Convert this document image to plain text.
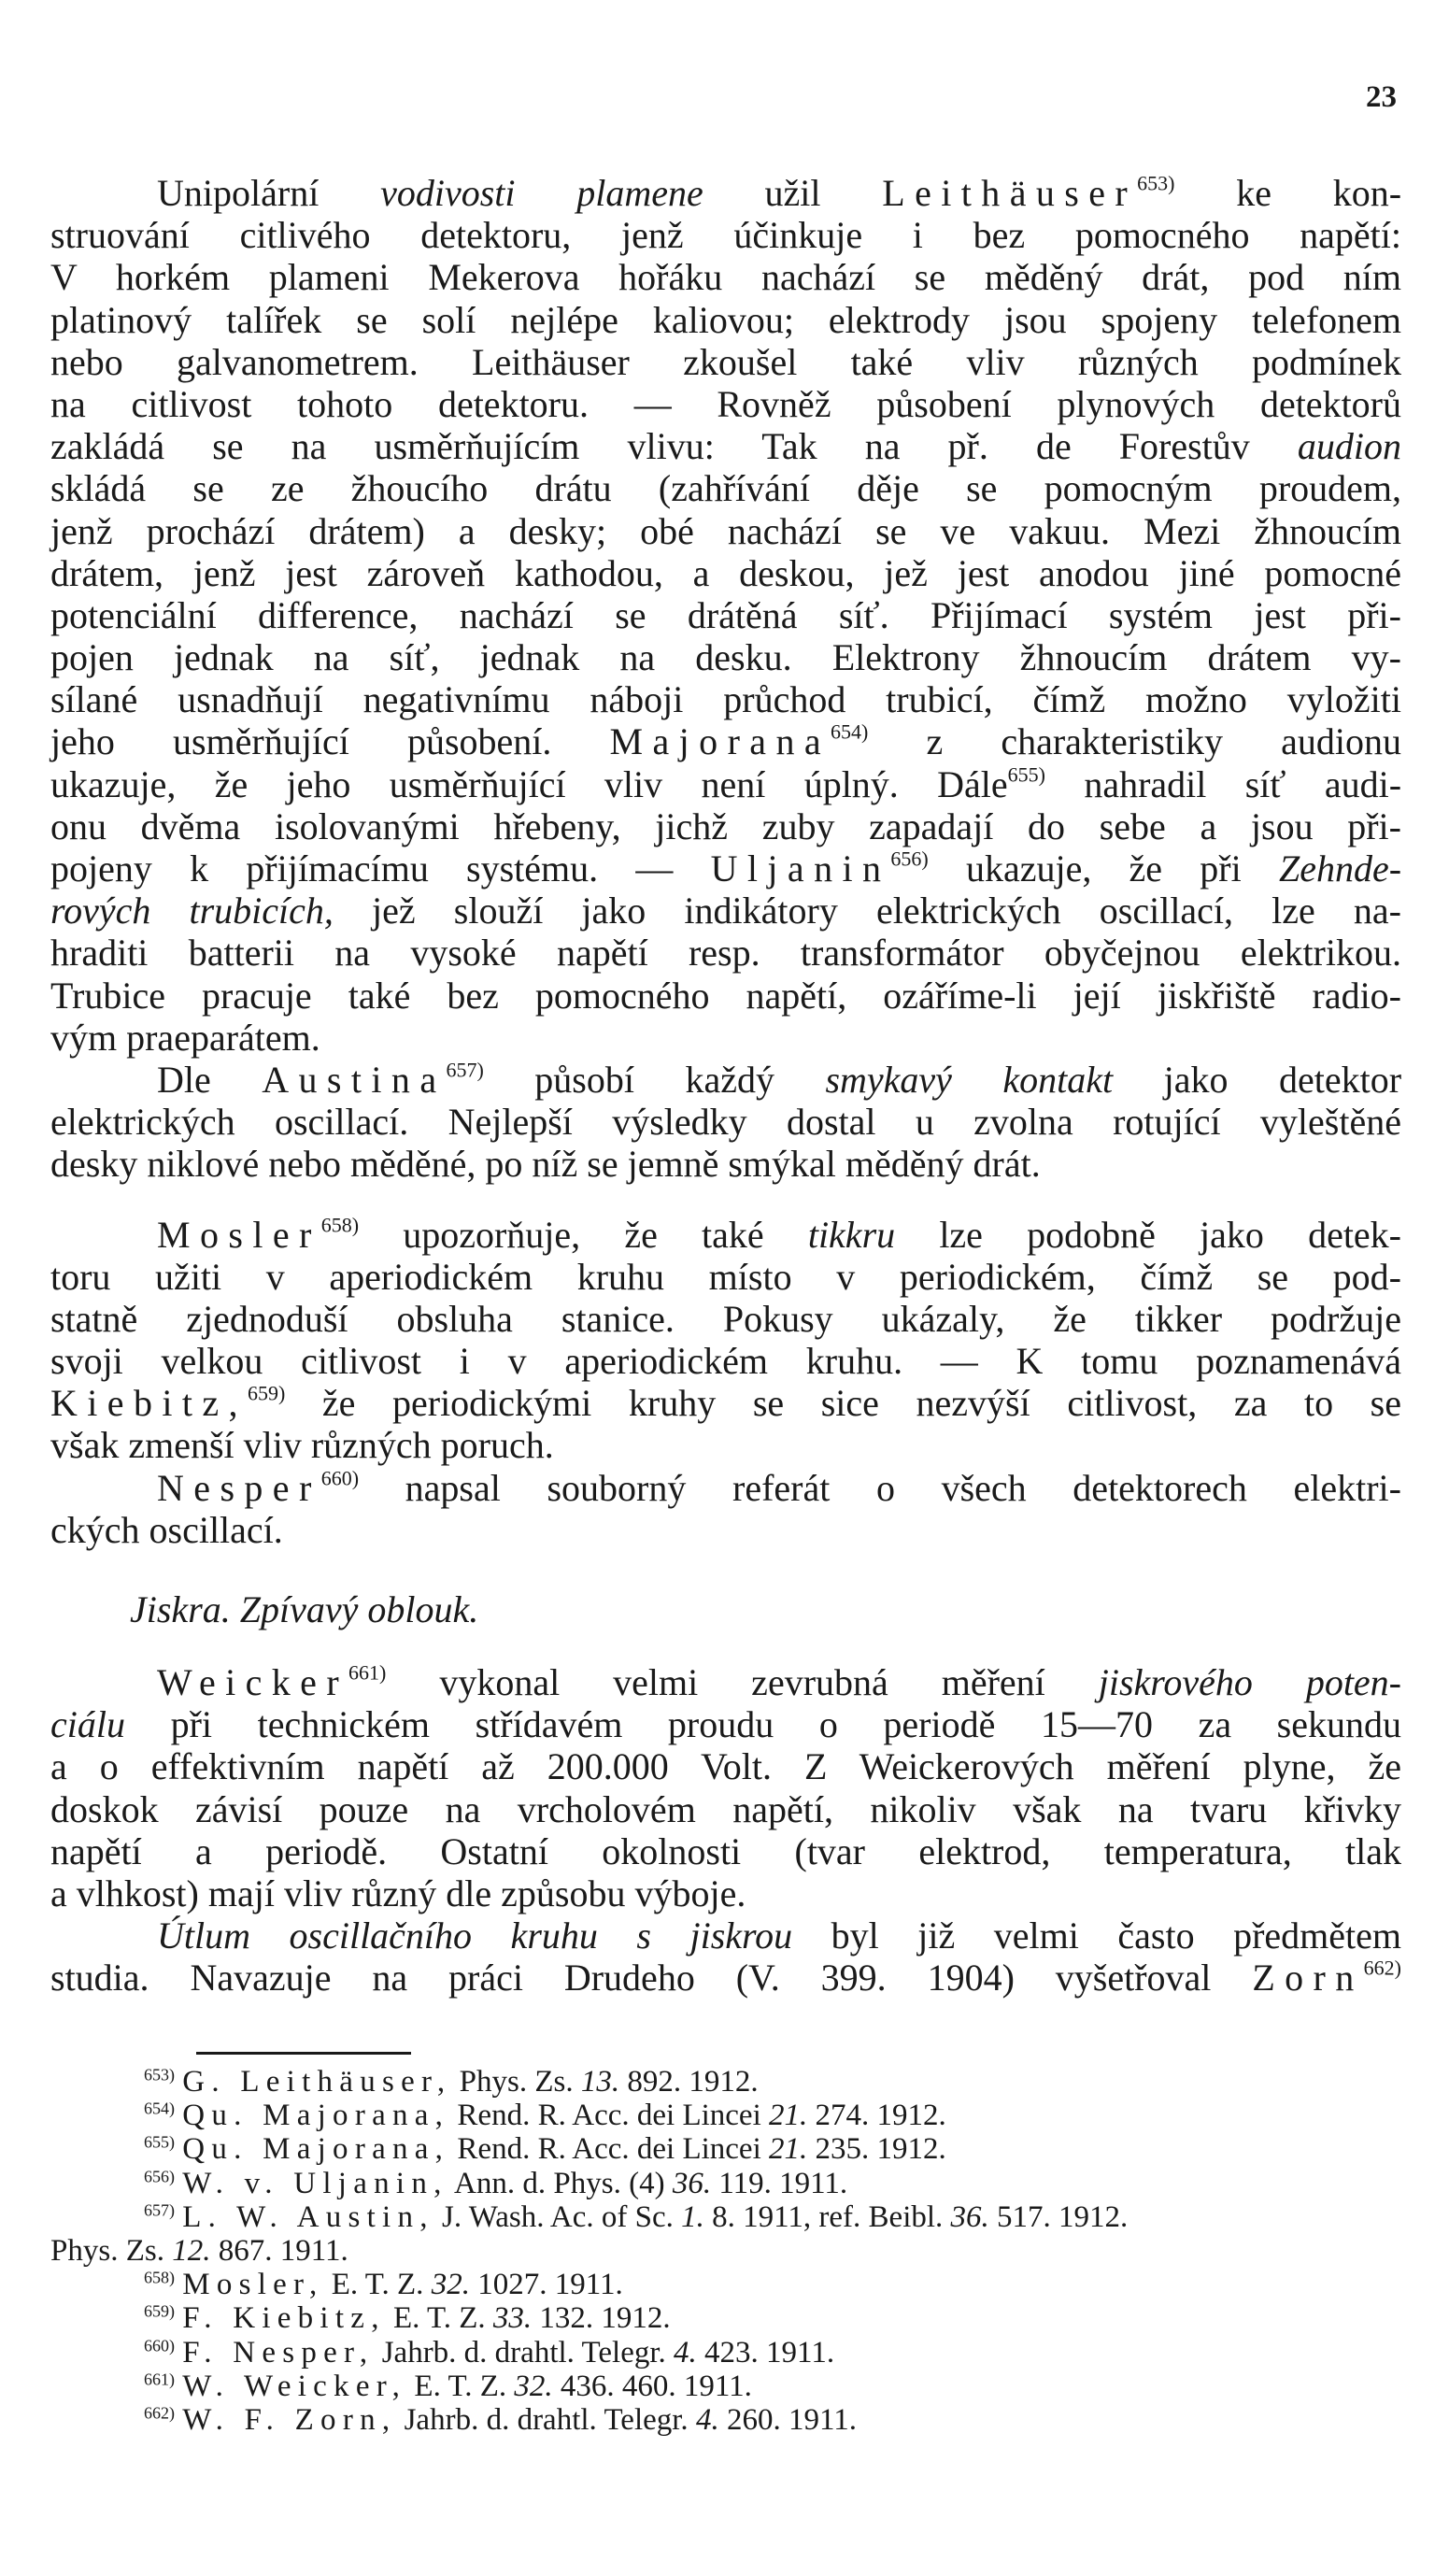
23
Unipolární vodivosti plamene užil Leithäuser$^{653)}$ ke kon-
struování citlivého detektoru, jenž účinkuje i bez pomocného napětí:
V horkém plameni Mekerova hořáku nachází se měděný drát, pod ním
platinový talířek se solí nejlépe kaliovou; elektrody jsou spojeny telefonem
nebo galvanometrem. Leithäuser zkoušel také vliv různých podmínek
na citlivost tohoto detektoru. — Rovněž působení plynových detektorů
zakládá se na usměrňujícím vlivu: Tak na př. de Forestův audion
skládá se ze žhoucího drátu (zahřívání děje se pomocným proudem,
jenž prochází drátem) a desky; obé nachází se ve vakuu. Mezi žhnoucím
drátem, jenž jest zároveň kathodou, a deskou, jež jest anodou jiné pomocné
potenciální difference, nachází se drátěná síť. Přijímací systém jest při-
pojen jednak na síť, jednak na desku. Elektrony žhnoucím drátem vy-
sílané usnadňují negativnímu náboji průchod trubicí, čímž možno vyložiti
jeho usměrňující působení. Majorana$^{654)}$ z charakteristiky audionu
ukazuje, že jeho usměrňující vliv není úplný. Dále$^{655)}$ nahradil síť audi-
onu dvěma isolovanými hřebeny, jichž zuby zapadají do sebe a jsou při-
pojeny k přijímacímu systému. — Uljanin$^{656)}$ ukazuje, že při Zehnde-
rových trubicích, jež slouží jako indikátory elektrických oscillací, lze na-
hraditi batterii na vysoké napětí resp. transformátor obyčejnou elektrikou.
Trubice pracuje také bez pomocného napětí, ozáříme-li její jiskřiště radio-
vým praeparátem.
Dle Austina$^{657)}$ působí každý smykavý kontakt jako detektor
elektrických oscillací. Nejlepší výsledky dostal u zvolna rotující vyleštěné
desky niklové nebo měděné, po níž se jemně smýkal měděný drát.
Mosler$^{658)}$ upozorňuje, že také tikkru lze podobně jako detek-
toru užiti v aperiodickém kruhu místo v periodickém, čímž se pod-
statně zjednoduší obsluha stanice. Pokusy ukázaly, že tikker podržuje
svoji velkou citlivost i v aperiodickém kruhu. — K tomu poznamenává
Kiebitz,$^{659)}$ že periodickými kruhy se sice nezvýší citlivost, za to se
však zmenší vliv různých poruch.
Nesper$^{660)}$ napsal souborný referát o všech detektorech elektri-
ckých oscillací.
Jiskra. Zpívavý oblouk.
Weicker$^{661)}$ vykonal velmi zevrubná měření jiskrového poten-
ciálu při technickém střídavém proudu o periodě 15—70 za sekundu
a o effektivním napětí až 200.000 Volt. Z Weickerových měření plyne, že
doskok závisí pouze na vrcholovém napětí, nikoliv však na tvaru křivky
napětí a periodě. Ostatní okolnosti (tvar elektrod, temperatura, tlak
a vlhkost) mají vliv různý dle způsobu výboje.
Útlum oscillačního kruhu s jiskrou byl již velmi často předmětem
studia. Navazuje na práci Drudeho (V. 399. 1904) vyšetřoval Zorn$^{662)}$
$^{653)}$ G. Leithäuser, Phys. Zs. 13. 892. 1912.
$^{654)}$ Qu. Majorana, Rend. R. Acc. dei Lincei 21. 274. 1912.
$^{655)}$ Qu. Majorana, Rend. R. Acc. dei Lincei 21. 235. 1912.
$^{656)}$ W. v. Uljanin, Ann. d. Phys. (4) 36. 119. 1911.
$^{657)}$ L. W. Austin, J. Wash. Ac. of Sc. 1. 8. 1911, ref. Beibl. 36. 517. 1912.
Phys. Zs. 12. 867. 1911.
$^{658)}$ Mosler, E. T. Z. 32. 1027. 1911.
$^{659)}$ F. Kiebitz, E. T. Z. 33. 132. 1912.
$^{660)}$ F. Nesper, Jahrb. d. drahtl. Telegr. 4. 423. 1911.
$^{661)}$ W. Weicker, E. T. Z. 32. 436. 460. 1911.
$^{662)}$ W. F. Zorn, Jahrb. d. drahtl. Telegr. 4. 260. 1911.
